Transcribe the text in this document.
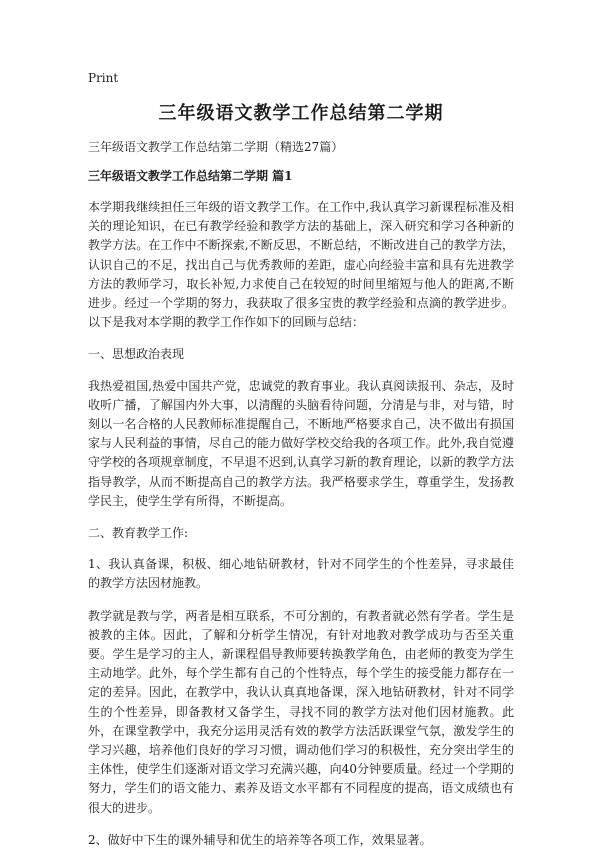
Print

三年级语文教学工作总结第二学期

三年级语文教学工作总结第二学期（精选27篇）

三年级语文教学工作总结第二学期 篇1

本学期我继续担任三年级的语文教学工作。在工作中,我认真学习新课程标准及相关的理论知识，在已有教学经验和教学方法的基础上，深入研究和学习各种新的教学方法。在工作中不断探索,不断反思，不断总结，不断改进自己的教学方法，认识自己的不足，找出自己与优秀教师的差距，虚心向经验丰富和具有先进教学方法的教师学习，取长补短,力求使自己在较短的时间里缩短与他人的距离,不断进步。经过一个学期的努力，我获取了很多宝贵的教学经验和点滴的教学进步。以下是我对本学期的教学工作作如下的回顾与总结：

一、思想政治表现

我热爱祖国,热爱中国共产党，忠诚党的教育事业。我认真阅读报刊、杂志，及时收听广播，了解国内外大事，以清醒的头脑看待问题，分清是与非，对与错，时刻以一名合格的人民教师标准提醒自己，不断地严格要求自己，决不做出有损国家与人民利益的事情，尽自己的能力做好学校交给我的各项工作。此外,我自觉遵守学校的各项规章制度，不早退不迟到,认真学习新的教育理论，以新的教学方法指导教学，从而不断提高自己的教学方法。我严格要求学生，尊重学生，发扬教学民主，使学生学有所得，不断提高。

二、教育教学工作:

1、我认真备课，积极、细心地钻研教材，针对不同学生的个性差异，寻求最佳的教学方法因材施教。

教学就是教与学，两者是相互联系，不可分割的，有教者就必然有学者。学生是被教的主体。因此，了解和分析学生情况，有针对地教对教学成功与否至关重要。学生是学习的主人，新课程倡导教师要转换教学角色，由老师的教变为学生主动地学。此外，每个学生都有自己的个性特点，每个学生的接受能力都存在一定的差异。因此，在教学中，我认认真真地备课，深入地钻研教材，针对不同学生的个性差异，即备教材又备学生，寻找不同的教学方法对他们因材施教。此外，在课堂教学中，我充分运用灵活有效的教学方法活跃课堂气氛，激发学生的学习兴趣，培养他们良好的学习习惯，调动他们学习的积极性，充分突出学生的主体性，使学生们逐渐对语文学习充满兴趣，向40分钟要质量。经过一个学期的努力，学生们的语文能力、素养及语文水平都有不同程度的提高，语文成绩也有很大的进步。

2、做好中下生的课外辅导和优生的培养等各项工作，效果显著。
